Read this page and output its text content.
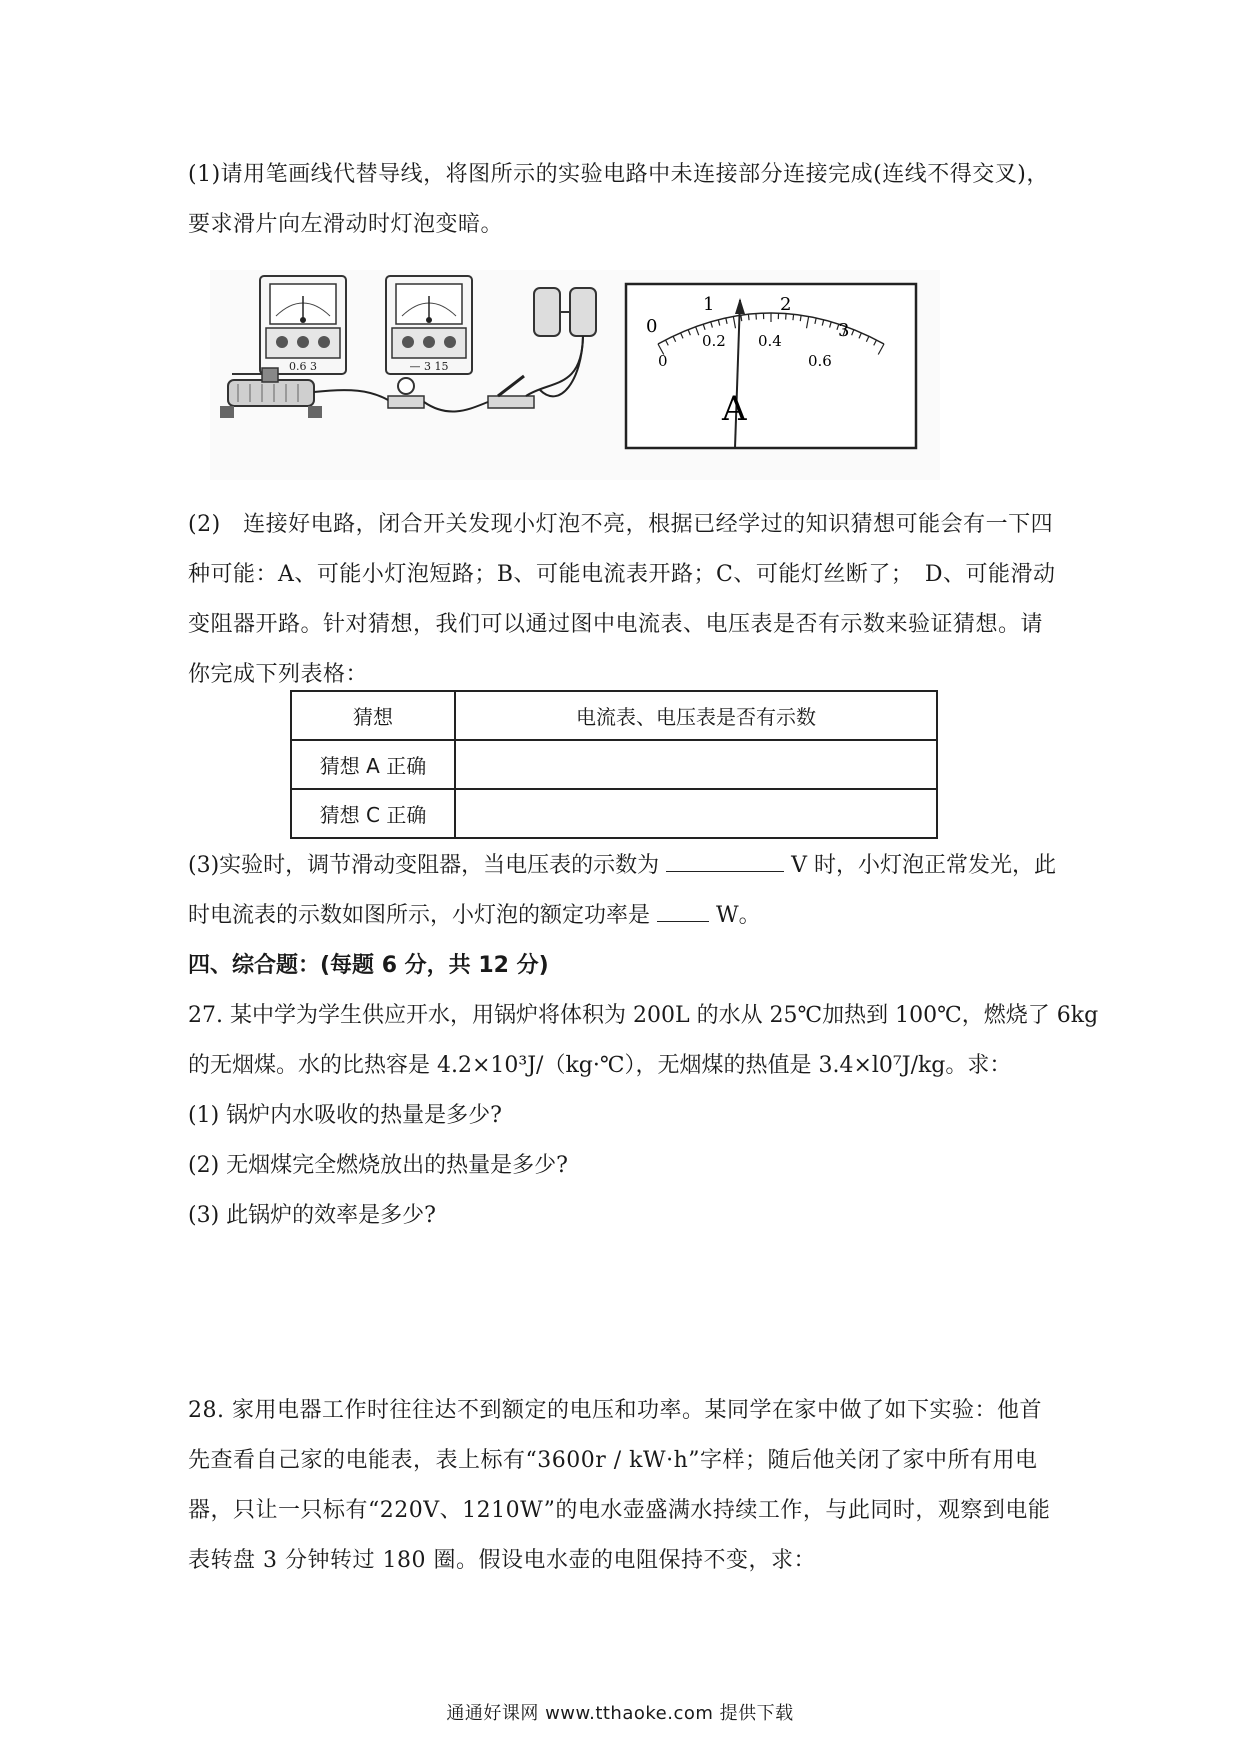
(1)请用笔画线代替导线，将图所示的实验电路中未连接部分连接完成(连线不得交叉)，要求滑片向左滑动时灯泡变暗。
0.6 3	— 3 15
0
1	2
3
0
0.2 0.4
0.6
A
(2)　连接好电路，闭合开关发现小灯泡不亮，根据已经学过的知识猜想可能会有一下四种可能：A、可能小灯泡短路；B、可能电流表开路；C、可能灯丝断了；　D、可能滑动变阻器开路。针对猜想，我们可以通过图中电流表、电压表是否有示数来验证猜想。请你完成下列表格：
猜想	电流表、电压表是否有示数
猜想 A 正确	
猜想 C 正确	
(3)实验时，调节滑动变阻器，当电压表的示数为	V 时，小灯泡正常发光，此
时电流表的示数如图所示，小灯泡的额定功率是	W。
四、综合题：(每题 6 分，共 12 分)
27. 某中学为学生供应开水，用锅炉将体积为 200L 的水从 25℃加热到 100℃，燃烧了 6kg
的无烟煤。水的比热容是 4.2×10³J/（kg·℃），无烟煤的热值是 3.4×l0⁷J/kg。求：
(1) 锅炉内水吸收的热量是多少?
(2) 无烟煤完全燃烧放出的热量是多少?
(3) 此锅炉的效率是多少?
28. 家用电器工作时往往达不到额定的电压和功率。某同学在家中做了如下实验：他首先查看自己家的电能表，表上标有“3600r / kW·h”字样；随后他关闭了家中所有用电器，只让一只标有“220V、1210W”的电水壶盛满水持续工作，与此同时，观察到电能表转盘 3 分钟转过 180 圈。假设电水壶的电阻保持不变，求：
通通好课网 www.tthaoke.com 提供下载
